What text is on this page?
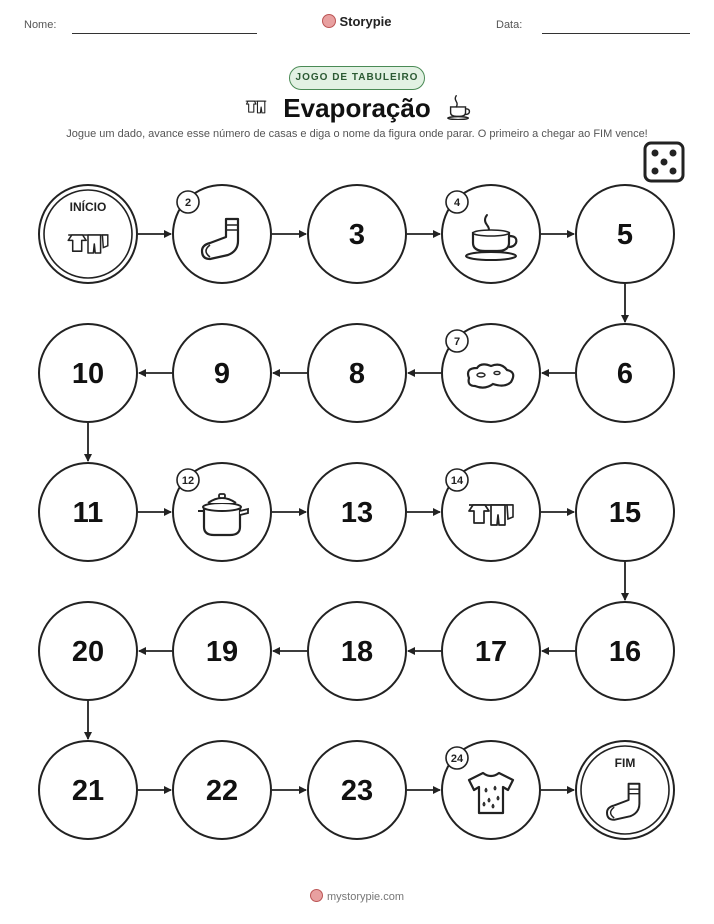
Nome:	Storypie	Data:
JOGO DE TABULEIRO
Evaporação
Jogue um dado, avance esse número de casas e diga o nome da figura onde parar. O primeiro a chegar ao FIM vence!
INÍCIO	2
3
4
5
6
7
8
9
10
11
12
13
14
15
16
17
18
19
20
21	22	23
24	FIM
mystorypie.com
